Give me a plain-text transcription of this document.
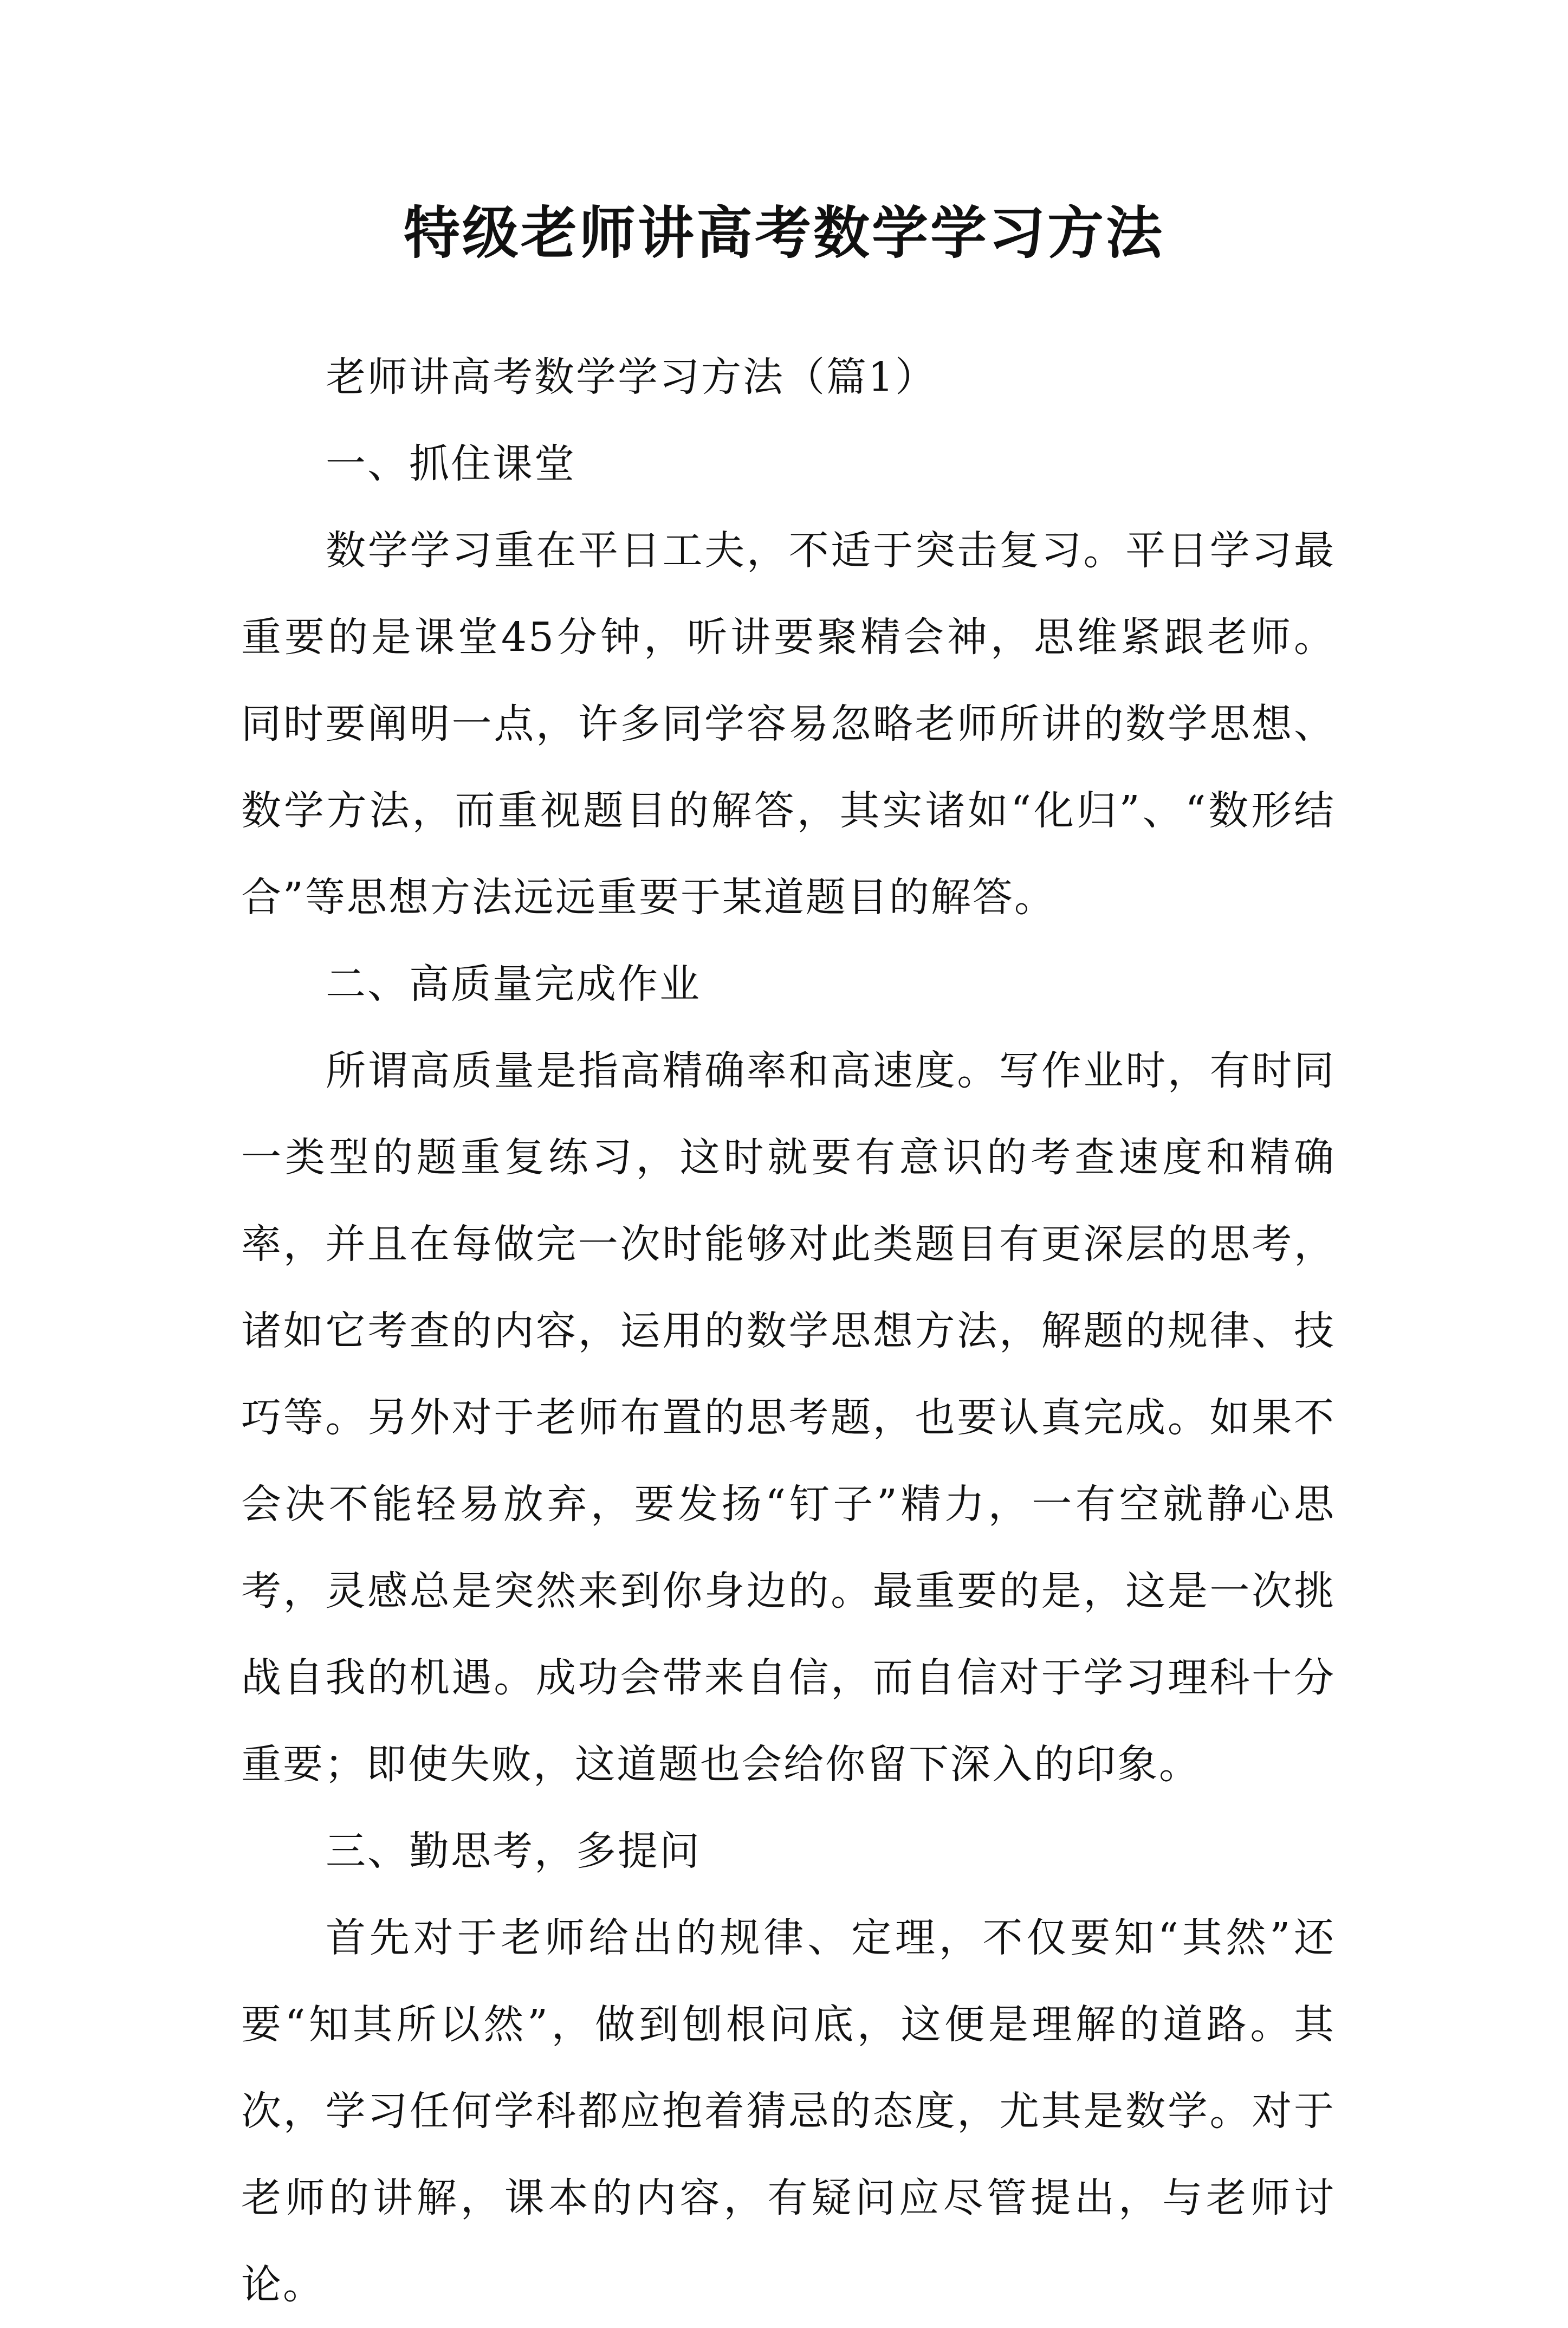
特级老师讲高考数学学习方法

老师讲高考数学学习方法（篇1）

一、抓住课堂

数学学习重在平日工夫，不适于突击复习。平日学习最重要的是课堂45分钟，听讲要聚精会神，思维紧跟老师。同时要阐明一点，许多同学容易忽略老师所讲的数学思想、数学方法，而重视题目的解答，其实诸如“化归”、“数形结合”等思想方法远远重要于某道题目的解答。

二、高质量完成作业

所谓高质量是指高精确率和高速度。写作业时，有时同一类型的题重复练习，这时就要有意识的考查速度和精确率，并且在每做完一次时能够对此类题目有更深层的思考，诸如它考查的内容，运用的数学思想方法，解题的规律、技巧等。另外对于老师布置的思考题，也要认真完成。如果不会决不能轻易放弃，要发扬“钉子”精力，一有空就静心思考，灵感总是突然来到你身边的。最重要的是，这是一次挑战自我的机遇。成功会带来自信，而自信对于学习理科十分重要；即使失败，这道题也会给你留下深入的印象。

三、勤思考，多提问

首先对于老师给出的规律、定理，不仅要知“其然”还要“知其所以然”，做到刨根问底，这便是理解的道路。其次，学习任何学科都应抱着猜忌的态度，尤其是数学。对于老师的讲解，课本的内容，有疑问应尽管提出，与老师讨论。
